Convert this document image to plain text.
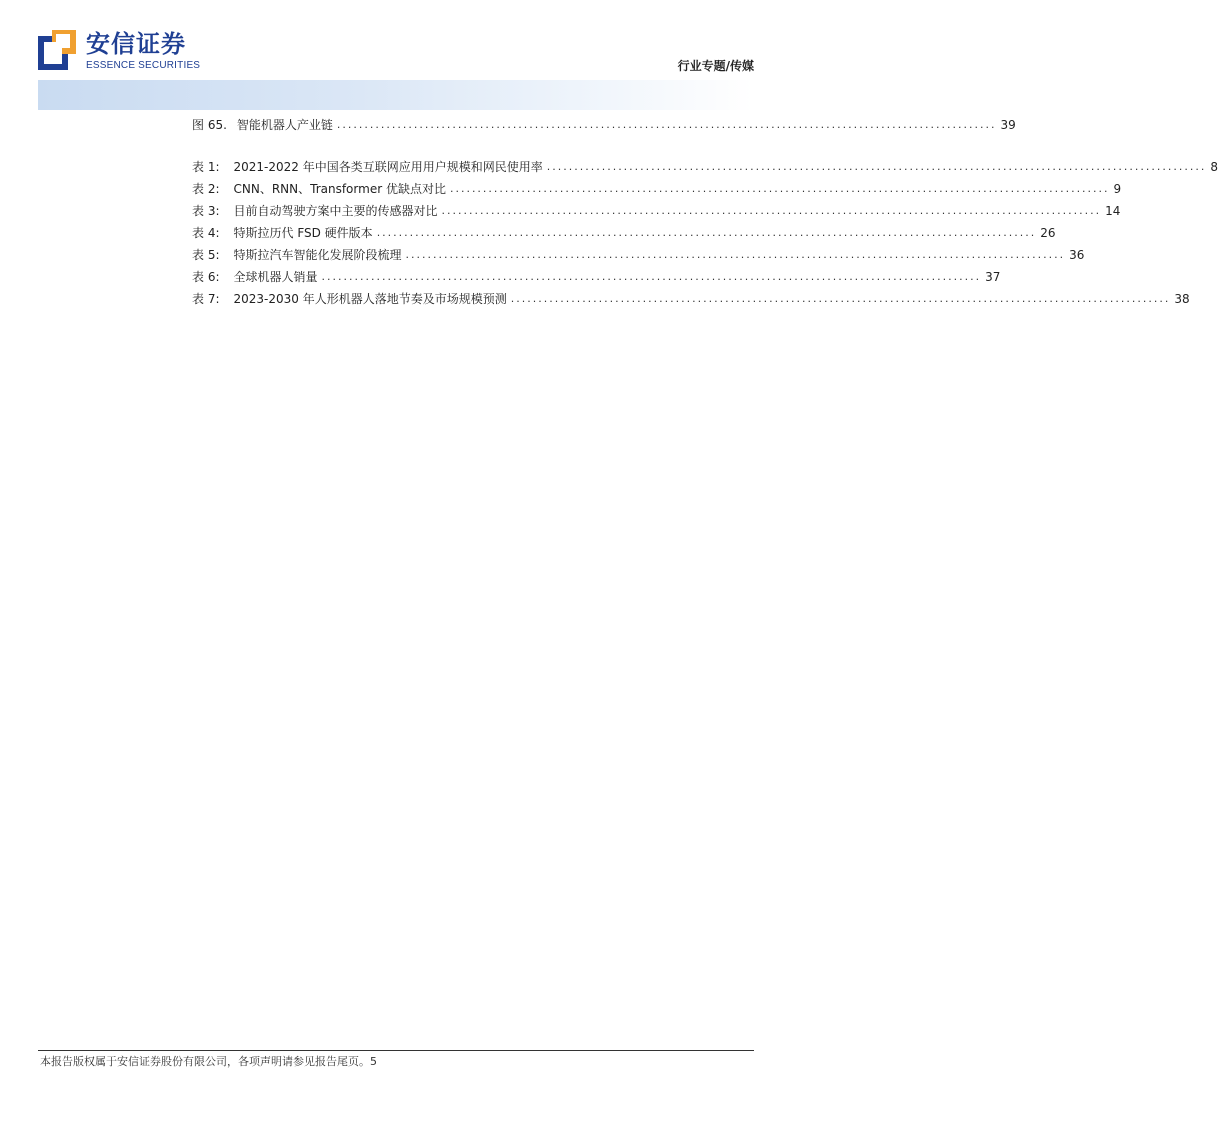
安信证券
ESSENCE SECURITIES	行业专题/传媒
图 65. 智能机器人产业链 ........................................................................................................................ 39
表 1: 2021-2022 年中国各类互联网应用用户规模和网民使用率 ........................................................................................................................ 8
表 2: CNN、RNN、Transformer 优缺点对比 ........................................................................................................................ 9
表 3: 目前自动驾驶方案中主要的传感器对比 ........................................................................................................................ 14
表 4: 特斯拉历代 FSD 硬件版本 ........................................................................................................................ 26
表 5: 特斯拉汽车智能化发展阶段梳理 ........................................................................................................................ 36
表 6: 全球机器人销量 ........................................................................................................................ 37
表 7: 2023-2030 年人形机器人落地节奏及市场规模预测 ........................................................................................................................ 38
本报告版权属于安信证券股份有限公司，各项声明请参见报告尾页。5
